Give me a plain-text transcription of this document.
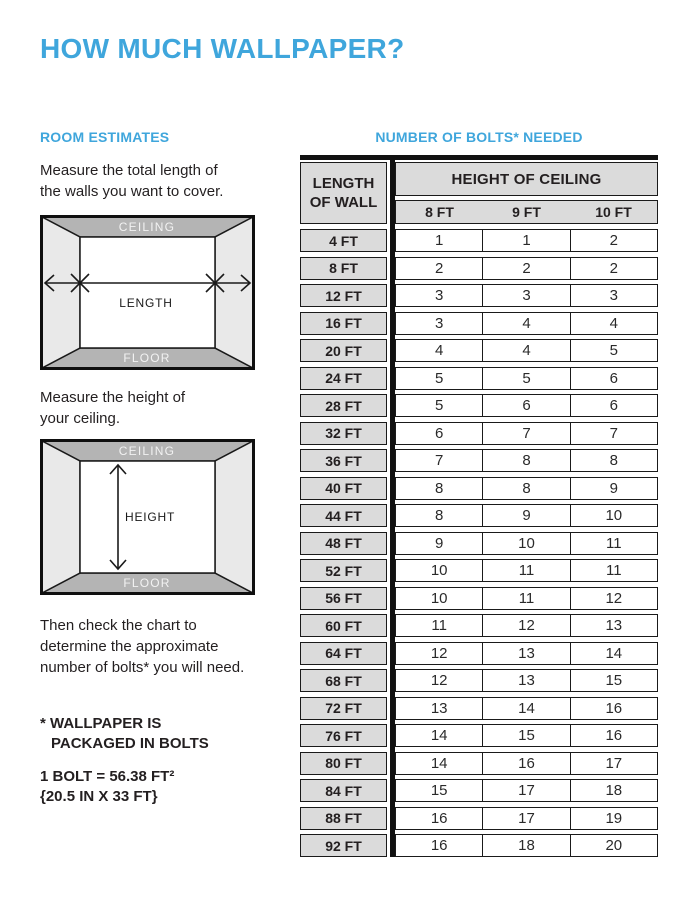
HOW MUCH WALLPAPER?
ROOM ESTIMATES
Measure the total length of
the walls you want to cover.
CEILING
FLOOR
LENGTH
Measure the height of
your ceiling.
CEILING
FLOOR
HEIGHT
Then check the chart to
determine the approximate
number of bolts* you will need.
* WALLPAPER IS
PACKAGED IN BOLTS
1 BOLT = 56.38 FT²
{20.5 IN X 33 FT}
NUMBER OF BOLTS* NEEDED
LENGTH
OF WALL
HEIGHT OF CEILING
8 FT	9 FT	10 FT
4 FT	1	1	2
8 FT	2	2	2
12 FT	3	3	3
16 FT	3	4	4
20 FT	4	4	5
24 FT	5	5	6
28 FT	5	6	6
32 FT	6	7	7
36 FT	7	8	8
40 FT	8	8	9
44 FT	8	9	10
48 FT	9	10	11
52 FT	10	11	11
56 FT	10	11	12
60 FT	11	12	13
64 FT	12	13	14
68 FT	12	13	15
72 FT	13	14	16
76 FT	14	15	16
80 FT	14	16	17
84 FT	15	17	18
88 FT	16	17	19
92 FT	16	18	20
